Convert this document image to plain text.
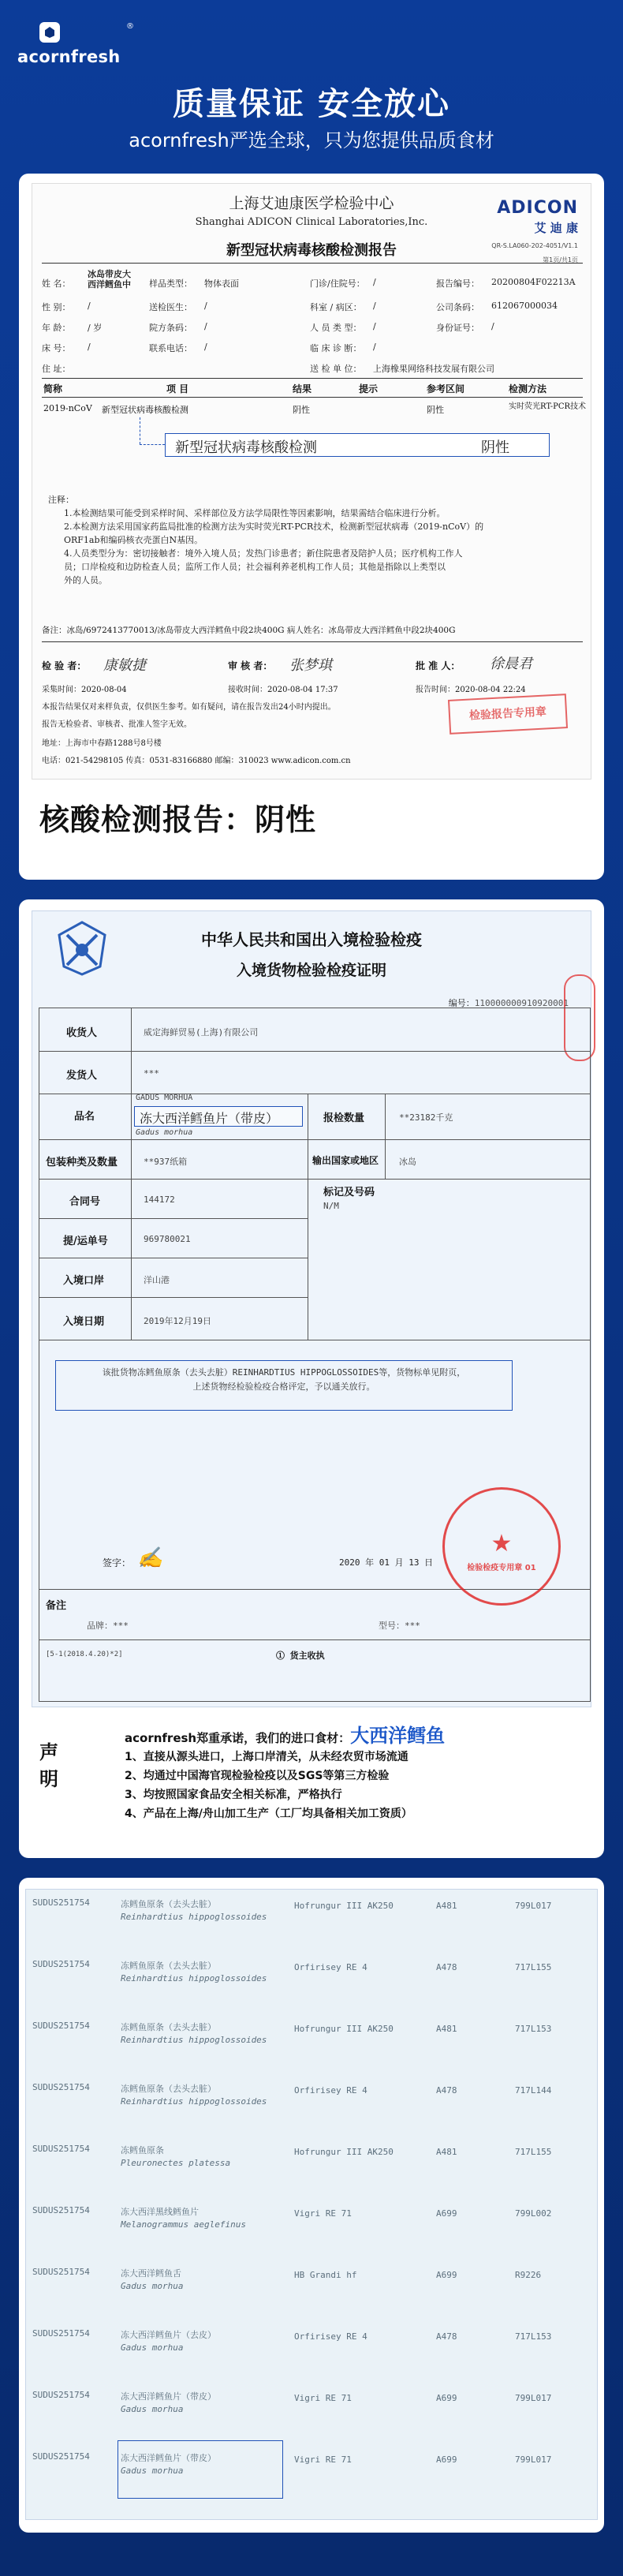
acornfresh
®
质量保证 安全放心
acornfresh严选全球，只为您提供品质食材
上海艾迪康医学检验中心
Shanghai ADICON Clinical Laboratories,Inc.
新型冠状病毒核酸检测报告
ADICON
艾 迪 康
QR-S.LA060-202-4051/V1.1
第1页/共1页
姓 名：
冰岛带皮大西洋鳕鱼中	样品类型： 物体表面	门诊/住院号： /	报告编号： 20200804F02213A
性 别： /	送检医生： /	科室 / 病区： /	公司条码： 612067000034
年 龄： / 岁	院方条码： /	人 员 类 型： /	身份证号： /
床 号： /	联系电话： /	临 床 诊 断： /
住 址：	送 检 单 位： 上海橡果网络科技发展有限公司
简称	项 目	结果	提示	参考区间	检测方法
2019-nCoV 新型冠状病毒核酸检测	阴性	阴性	实时荧光RT-PCR技术
新型冠状病毒核酸检测	阴性
注释：
1.本检测结果可能受到采样时间、采样部位及方法学局限性等因素影响，结果需结合临床进行分析。
2.本检测方法采用国家药监局批准的检测方法为实时荧光RT-PCR技术，检测新型冠状病毒（2019-nCoV）的
ORF1ab和编码核衣壳蛋白N基因。
4.人员类型分为：密切接触者：境外入境人员；发热门诊患者；新住院患者及陪护人员；医疗机构工作人
员；口岸检疫和边防检查人员；监所工作人员；社会福利养老机构工作人员；其他是指除以上类型以
外的人员。
备注：冰岛/6972413770013/冰岛带皮大西洋鳕鱼中段2块400G 病人姓名：冰岛带皮大西洋鳕鱼中段2块400G
检 验 者： 康敏捷	审 核 者： 张梦琪	批 准 人： 徐晨君
采集时间：2020-08-04	接收时间：2020-08-04 17:37	报告时间：2020-08-04 22:24
本报告结果仅对来样负责，仅供医生参考。如有疑问，请在报告发出24小时内提出。
报告无检验者、审核者、批准人签字无效。
地址：上海市中春路1288号8号楼
电话：021-54298105 传真：0531-83166880 邮编：310023 www.adicon.com.cn
检验报告专用章
核酸检测报告：阴性
中华人民共和国出入境检验检疫
入境货物检验检疫证明
编号：110000000910920001
收货人	威定海鲜贸易(上海)有限公司
发货人	***
品名
GADUS MORHUA
冻大西洋鳕鱼片（带皮）
Gadus morhua
报检数量	**23182千克
包装种类及数量	**937纸箱	输出国家或地区 冰岛
合同号	144172
标记及号码
N/M
提/运单号	969780021
入境口岸	洋山港
入境日期	2019年12月19日
该批货物冻鳕鱼原条（去头去脏）REINHARDTIUS HIPPOGLOSSOIDES等，货物标单见附页，
上述货物经检验检疫合格评定，予以通关放行。
签字： ✍	2020 年 01 月 13 日
备注
品牌：***	型号：***
[5-1(2018.4.20)*2]	① 货主收执
★
检验检疫专用章 01
声明
acornfresh郑重承诺，我们的进口食材：大西洋鳕鱼
1、直接从源头进口，上海口岸清关，从未经农贸市场流通
2、均通过中国海官现检验检疫以及SGS等第三方检验
3、均按照国家食品安全相关标准，严格执行
4、产品在上海/舟山加工生产（工厂均具备相关加工资质）
SUDUS251754	冻鳕鱼原条（去头去脏）
Reinhardtius hippoglossoides
Hofrungur III AK250	A481	799L017
SUDUS251754	冻鳕鱼原条（去头去脏）
Reinhardtius hippoglossoides
Orfirisey RE 4	A478	717L155
SUDUS251754	冻鳕鱼原条（去头去脏）
Reinhardtius hippoglossoides
Hofrungur III AK250	A481	717L153
SUDUS251754	冻鳕鱼原条（去头去脏）
Reinhardtius hippoglossoides
Orfirisey RE 4	A478	717L144
SUDUS251754	冻鳕鱼原条
Pleuronectes platessa
Hofrungur III AK250	A481	717L155
SUDUS251754	冻大西洋黑线鳕鱼片
Melanogrammus aeglefinus
Vigri RE 71	A699	799L002
SUDUS251754	冻大西洋鳕鱼舌
Gadus morhua
HB Grandi hf	A699	R9226
SUDUS251754	冻大西洋鳕鱼片（去皮）
Gadus morhua
Orfirisey RE 4	A478	717L153
SUDUS251754	冻大西洋鳕鱼片（带皮）
Gadus morhua
Vigri RE 71	A699	799L017
SUDUS251754	冻大西洋鳕鱼片（带皮）
Gadus morhua
Vigri RE 71	A699	799L017
